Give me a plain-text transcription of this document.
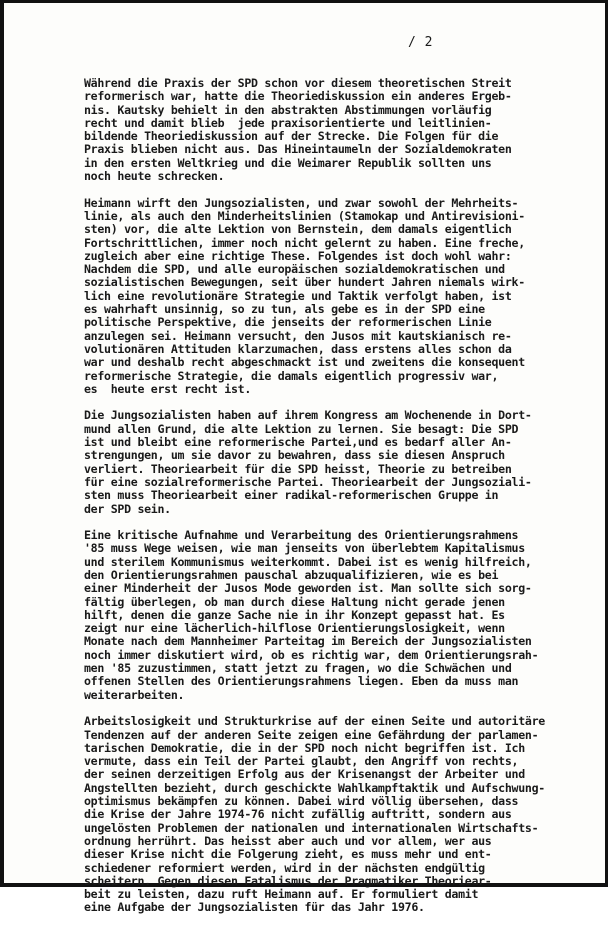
/ 2
Während die Praxis der SPD schon vor diesem theoretischen Streit
reformerisch war, hatte die Theoriediskussion ein anderes Ergeb-
nis. Kautsky behielt in den abstrakten Abstimmungen vorläufig
recht und damit blieb  jede praxisorientierte und leitlinien-
bildende Theoriediskussion auf der Strecke. Die Folgen für die
Praxis blieben nicht aus. Das Hineintaumeln der Sozialdemokraten
in den ersten Weltkrieg und die Weimarer Republik sollten uns
noch heute schrecken.
Heimann wirft den Jungsozialisten, und zwar sowohl der Mehrheits-
linie, als auch den Minderheitslinien (Stamokap und Antirevisioni-
sten) vor, die alte Lektion von Bernstein, dem damals eigentlich
Fortschrittlichen, immer noch nicht gelernt zu haben. Eine freche,
zugleich aber eine richtige These. Folgendes ist doch wohl wahr:
Nachdem die SPD, und alle europäischen sozialdemokratischen und
sozialistischen Bewegungen, seit über hundert Jahren niemals wirk-
lich eine revolutionäre Strategie und Taktik verfolgt haben, ist
es wahrhaft unsinnig, so zu tun, als gebe es in der SPD eine
politische Perspektive, die jenseits der reformerischen Linie
anzulegen sei. Heimann versucht, den Jusos mit kautskianisch re-
volutionären Attituden klarzumachen, dass erstens alles schon da
war und deshalb recht abgeschmackt ist und zweitens die konsequent
reformerische Strategie, die damals eigentlich progressiv war,
es  heute erst recht ist.
Die Jungsozialisten haben auf ihrem Kongress am Wochenende in Dort-
mund allen Grund, die alte Lektion zu lernen. Sie besagt: Die SPD
ist und bleibt eine reformerische Partei,und es bedarf aller An-
strengungen, um sie davor zu bewahren, dass sie diesen Anspruch
verliert. Theoriearbeit für die SPD heisst, Theorie zu betreiben
für eine sozialreformerische Partei. Theoriearbeit der Jungsoziali-
sten muss Theoriearbeit einer radikal-reformerischen Gruppe in
der SPD sein.
Eine kritische Aufnahme und Verarbeitung des Orientierungsrahmens
'85 muss Wege weisen, wie man jenseits von überlebtem Kapitalismus
und sterilem Kommunismus weiterkommt. Dabei ist es wenig hilfreich,
den Orientierungsrahmen pauschal abzuqualifizieren, wie es bei
einer Minderheit der Jusos Mode geworden ist. Man sollte sich sorg-
fältig überlegen, ob man durch diese Haltung nicht gerade jenen
hilft, denen die ganze Sache nie in ihr Konzept gepasst hat. Es
zeigt nur eine lächerlich-hilflose Orientierungslosigkeit, wenn
Monate nach dem Mannheimer Parteitag im Bereich der Jungsozialisten
noch immer diskutiert wird, ob es richtig war, dem Orientierungsrah-
men '85 zuzustimmen, statt jetzt zu fragen, wo die Schwächen und
offenen Stellen des Orientierungsrahmens liegen. Eben da muss man
weiterarbeiten.
Arbeitslosigkeit und Strukturkrise auf der einen Seite und autoritäre
Tendenzen auf der anderen Seite zeigen eine Gefährdung der parlamen-
tarischen Demokratie, die in der SPD noch nicht begriffen ist. Ich
vermute, dass ein Teil der Partei glaubt, den Angriff von rechts,
der seinen derzeitigen Erfolg aus der Krisenangst der Arbeiter und
Angstellten bezieht, durch geschickte Wahlkampftaktik und Aufschwung-
optimismus bekämpfen zu können. Dabei wird völlig übersehen, dass
die Krise der Jahre 1974-76 nicht zufällig auftritt, sondern aus
ungelösten Problemen der nationalen und internationalen Wirtschafts-
ordnung herrührt. Das heisst aber auch und vor allem, wer aus
dieser Krise nicht die Folgerung zieht, es muss mehr und ent-
schiedener reformiert werden, wird in der nächsten endgültig
scheitern. Gegen diesen Fatalismus der Pragmatiker Theoriear-
beit zu leisten, dazu ruft Heimann auf. Er formuliert damit
eine Aufgabe der Jungsozialisten für das Jahr 1976.
